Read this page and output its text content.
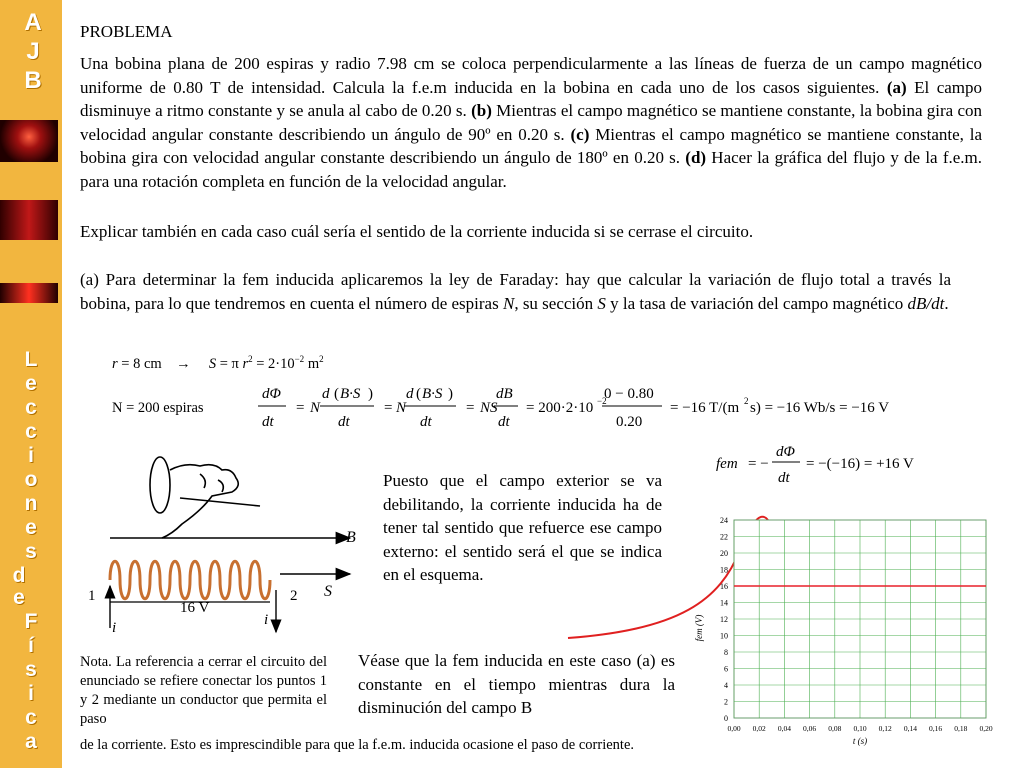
A
J
B
L
e
c
c
i
o
n
e
s
d
e
F
í
s
i
c
a
PROBLEMA
Una bobina plana de 200 espiras y radio 7.98 cm se coloca perpendicularmente a las líneas de fuerza de un campo magnético uniforme de 0.80 T de intensidad. Calcula la f.e.m inducida en la bobina en cada uno de los casos siguientes. (a) El campo disminuye a ritmo constante y se anula al cabo de 0.20 s. (b) Mientras el campo magnético se mantiene constante, la bobina gira con velocidad angular constante describiendo un ángulo de 90º en 0.20 s. (c) Mientras el campo magnético se mantiene constante, la bobina gira con velocidad angular constante describiendo un ángulo de 180º en 0.20 s. (d) Hacer la gráfica del flujo y de la f.e.m. para una rotación completa en función de la velocidad angular.
Explicar también en cada caso cuál sería el sentido de la corriente inducida si se cerrase el circuito.
(a) Para determinar la fem inducida aplicaremos la ley de Faraday: hay que calcular la variación de flujo total a través la bobina, para lo que tendremos en cuenta el número de espiras N, su sección S y la tasa de variación del campo magnético dB/dt.
r = 8 cm    →     S = π $r^2 = 2\cdot 10^{-2}$ $m^2$
N = 200 espiras
dΦ
dt
= N
d ( B·S )
dt
= N
d ( B·S )
dt
= NS
dB
dt
= 200·2·10 −2
0 − 0.80
0.20
= −16 T/(m 2 s) = −16 Wb/s = −16 V
fem = −
dΦ
dt
= −(−16) = +16 V
B
S
1	2
16 V
i	i
Puesto que el campo exterior se va debilitando, la corriente inducida ha de tener tal sentido que refuerce ese campo externo: el sentido será el que se indica en el esquema.
Véase que la fem inducida en este caso (a) es constante en el tiempo mientras dura la disminución del campo B
Nota. La referencia a cerrar el circuito del enunciado se refiere conectar los puntos 1 y 2 mediante un conductor que permita el paso
de la corriente. Esto es imprescindible para que la f.e.m. inducida ocasione el paso de corriente.
0
2
4
6
8
10
12
14
16
18
20
22
24
0,00 0,02 0,04 0,06 0,08 0,10 0,12 0,14 0,16 0,18 0,20
fem (V)
t (s)
